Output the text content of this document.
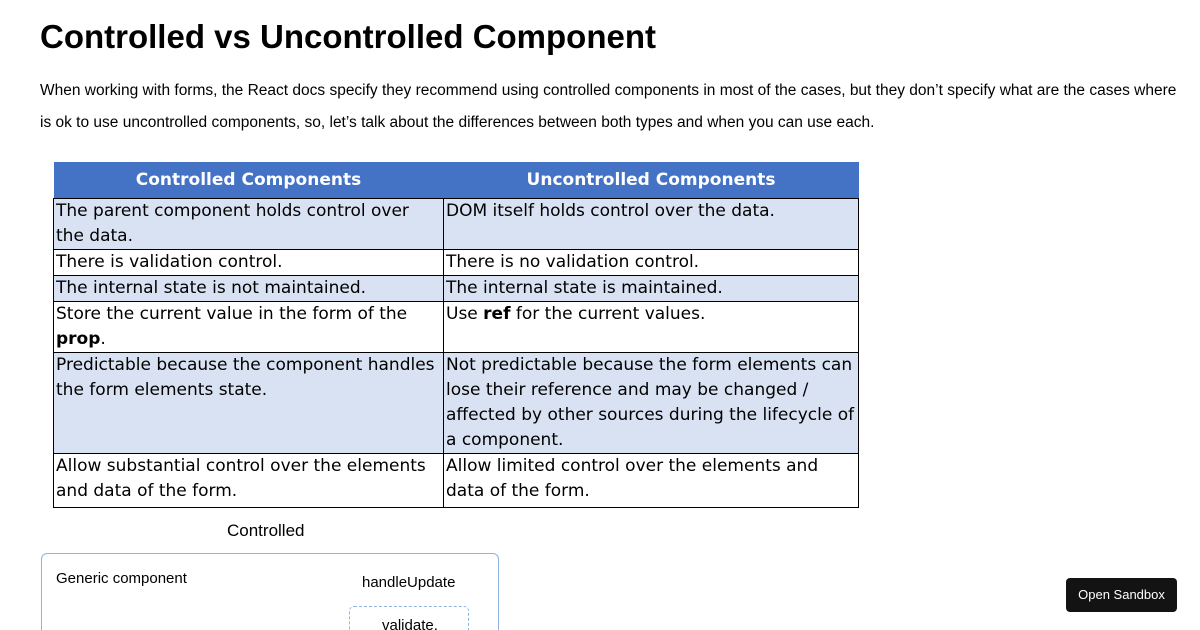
Controlled vs Uncontrolled Component

When working with forms, the React docs specify they recommend using controlled components in most of the cases, but they don’t specify what are the cases where is ok to use uncontrolled components, so, let’s talk about the differences between both types and when you can use each.

Controlled Components	Uncontrolled Components
The parent component holds control over the data.	DOM itself holds control over the data.
There is validation control.	There is no validation control.
The internal state is not maintained.	The internal state is maintained.
Store the current value in the form of the prop.	Use ref for the current values.
Predictable because the component handles the form elements state.	Not predictable because the form elements can lose their reference and may be changed / affected by other sources during the lifecycle of a component.
Allow substantial control over the elements and data of the form.	Allow limited control over the elements and data of the form.
Controlled
Generic component	handleUpdate
validate.
Open Sandbox
